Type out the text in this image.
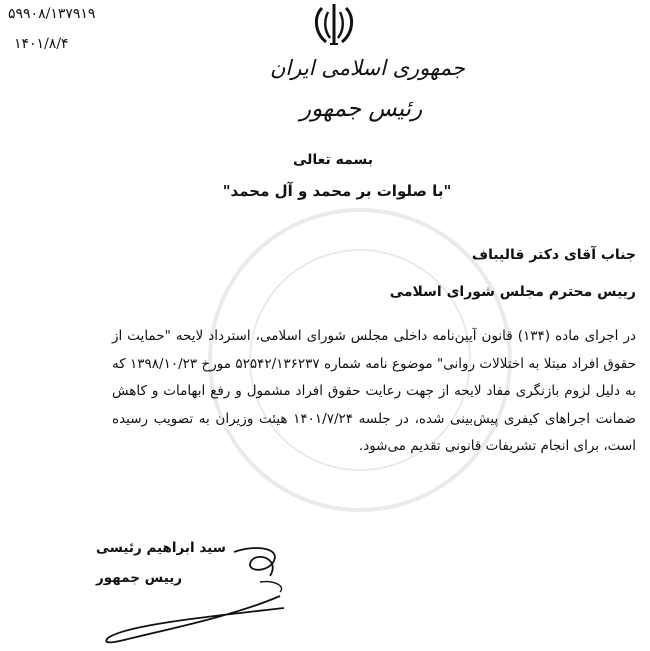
۵۹۹۰۸/۱۳۷۹۱۹
۱۴۰۱/۸/۴
جمهوری اسلامی ایران
رئیس جمهور
بسمه تعالی
"با صلوات بر محمد و آل محمد"
جناب آقای دکتر قالیباف
رییس محترم مجلس شورای اسلامی
در اجرای ماده (۱۳۴) قانون آیین‌نامه داخلی مجلس شورای اسلامی، استرداد لایحه "حمایت از حقوق افراد مبتلا به اختلالات روانی" موضوع نامه شماره ۵۲۵۴۲/۱۳۶۲۳۷ مورخ ۱۳۹۸/۱۰/۲۳ که به دلیل لزوم بازنگری مفاد لایحه از جهت رعایت حقوق افراد مشمول و رفع ابهامات و کاهش ضمانت اجراهای کیفری پیش‌بینی شده، در جلسه ۱۴۰۱/۷/۲۴ هیئت وزیران به تصویب رسیده است، برای انجام تشریفات قانونی تقدیم می‌شود.
سید ابراهیم رئیسی
رییس جمهور
